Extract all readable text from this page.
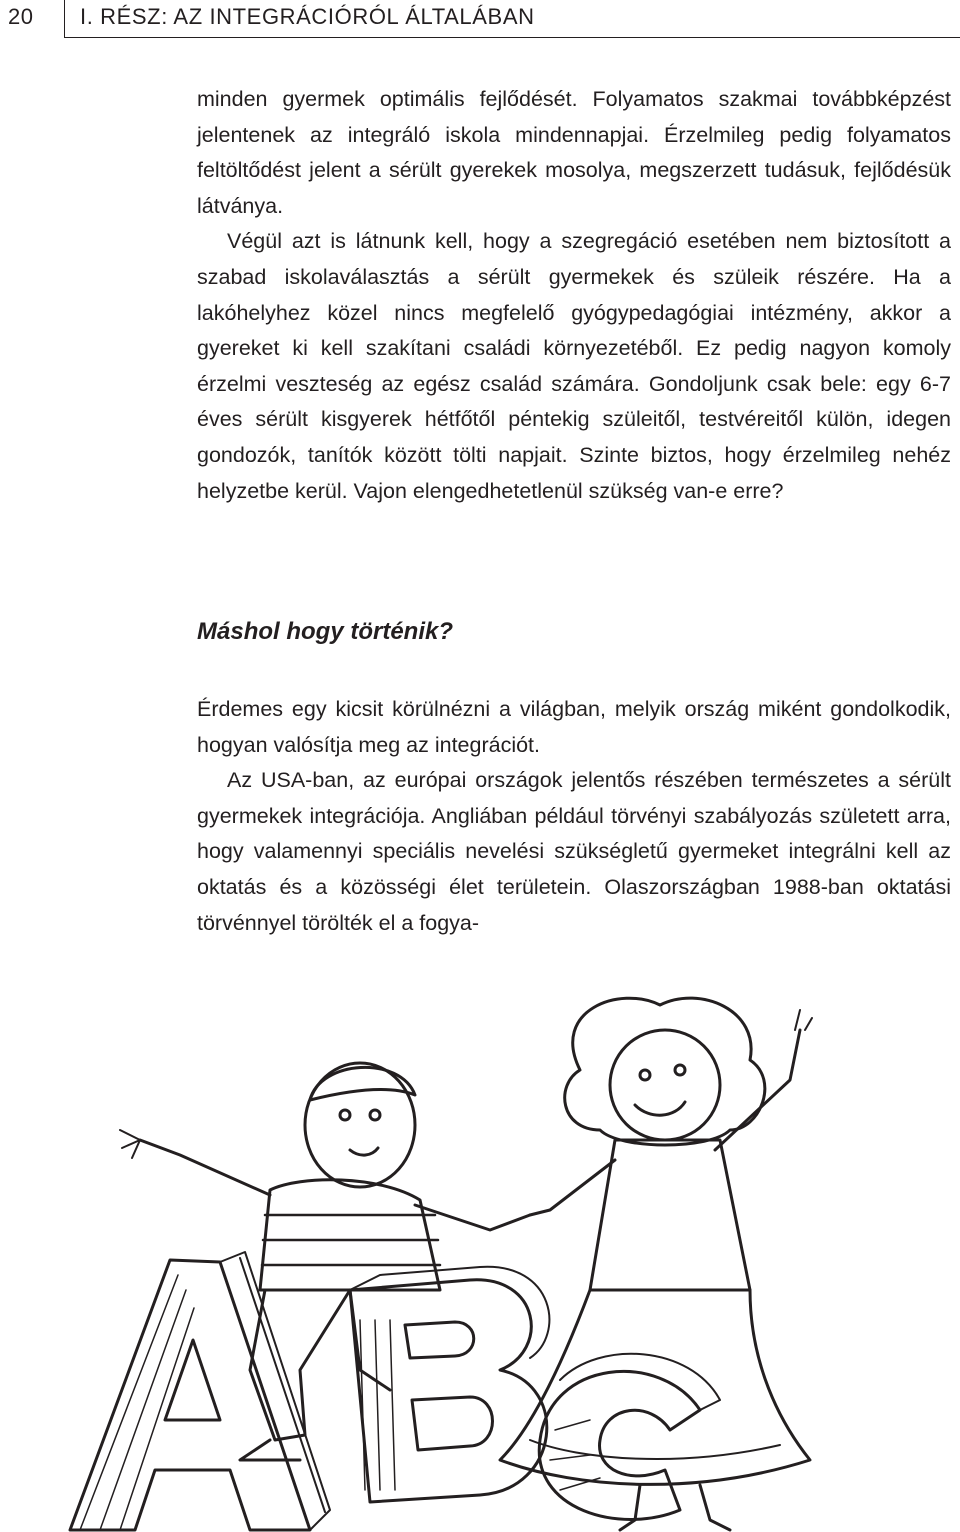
20 I. RÉSZ: AZ INTEGRÁCIÓRÓL ÁLTALÁBAN

minden gyermek optimális fejlődését. Folyamatos szakmai továbbképzést jelentenek az integráló iskola mindennapjai. Érzelmileg pedig folyamatos feltöltődést jelent a sérült gyerekek mosolya, megszerzett tudásuk, fejlődésük látványa.

Végül azt is látnunk kell, hogy a szegregáció esetében nem biztosított a szabad iskolaválasztás a sérült gyermekek és szüleik részére. Ha a lakóhelyhez közel nincs megfelelő gyógypedagógiai intézmény, akkor a gyereket ki kell szakítani családi környezetéből. Ez pedig nagyon komoly érzelmi veszteség az egész család számára. Gondoljunk csak bele: egy 6-7 éves sérült kisgyerek hétfőtől péntekig szüleitől, testvéreitől külön, idegen gondozók, tanítók között tölti napjait. Szinte biztos, hogy érzelmileg nehéz helyzetbe kerül. Vajon elengedhetetlenül szükség van-e erre?

Máshol hogy történik?

Érdemes egy kicsit körülnézni a világban, melyik ország miként gondolkodik, hogyan valósítja meg az integrációt.

Az USA-ban, az európai országok jelentős részében természetes a sérült gyermekek integrációja. Angliában például törvényi szabályozás született arra, hogy valamennyi speciális nevelési szükségletű gyermeket integrálni kell az oktatás és a közösségi élet területein. Olaszországban 1988-ban oktatási törvénnyel törölték el a fogya-
